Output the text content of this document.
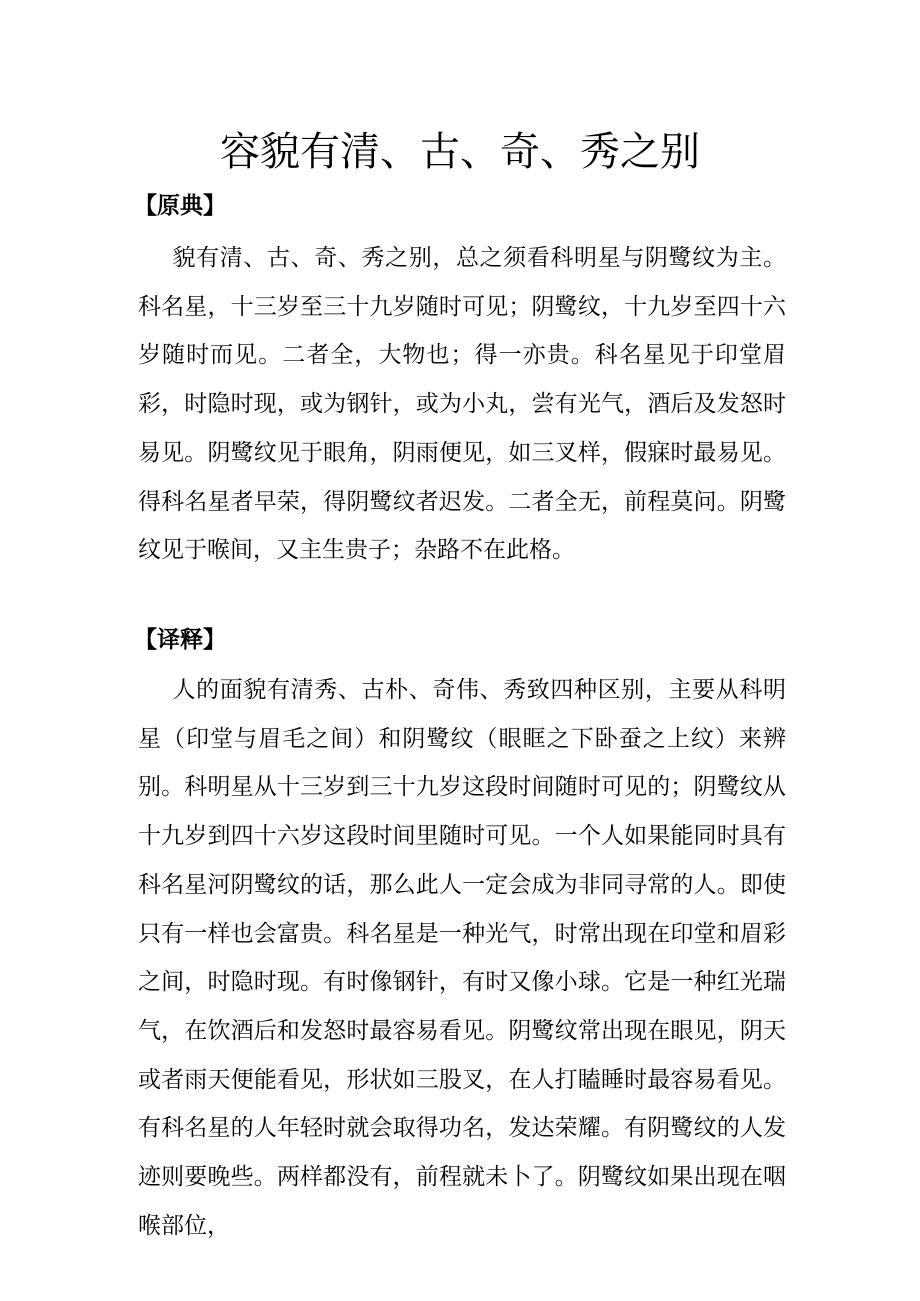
容貌有清、古、奇、秀之别
【原典】

貌有清、古、奇、秀之别，总之须看科明星与阴鹭纹为主。科名星，十三岁至三十九岁随时可见；阴鹭纹，十九岁至四十六岁随时而见。二者全，大物也；得一亦贵。科名星见于印堂眉彩，时隐时现，或为钢针，或为小丸，尝有光气，酒后及发怒时易见。阴鹭纹见于眼角，阴雨便见，如三叉样，假寐时最易见。得科名星者早荣，得阴鹭纹者迟发。二者全无，前程莫问。阴鹭纹见于喉间，又主生贵子；杂路不在此格。

【译释】

人的面貌有清秀、古朴、奇伟、秀致四种区别，主要从科明星（印堂与眉毛之间）和阴鹭纹（眼眶之下卧蚕之上纹）来辨别。科明星从十三岁到三十九岁这段时间随时可见的；阴鹭纹从十九岁到四十六岁这段时间里随时可见。一个人如果能同时具有科名星河阴鹭纹的话，那么此人一定会成为非同寻常的人。即使只有一样也会富贵。科名星是一种光气，时常出现在印堂和眉彩之间，时隐时现。有时像钢针，有时又像小球。它是一种红光瑞气，在饮酒后和发怒时最容易看见。阴鹭纹常出现在眼见，阴天或者雨天便能看见，形状如三股叉，在人打瞌睡时最容易看见。有科名星的人年轻时就会取得功名，发达荣耀。有阴鹭纹的人发迹则要晚些。两样都没有，前程就未卜了。阴鹭纹如果出现在咽喉部位，
